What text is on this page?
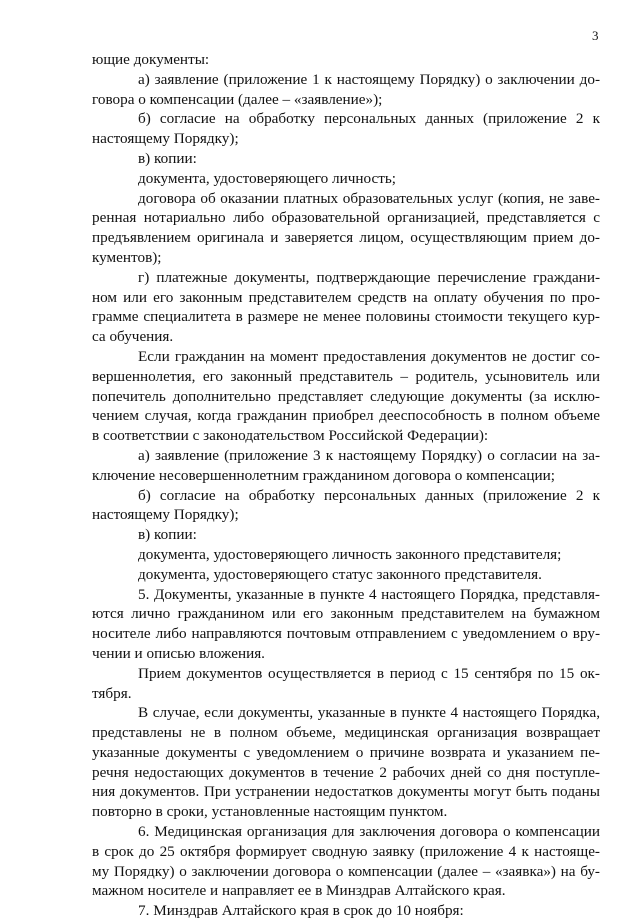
3
ющие документы:
а) заявление (приложение 1 к настоящему Порядку) о заключении до-
говора о компенсации (далее – «заявление»);
б) согласие на обработку персональных данных (приложение 2 к
настоящему Порядку);
в) копии:
документа, удостоверяющего личность;
договора об оказании платных образовательных услуг (копия, не заве-
ренная нотариально либо образовательной организацией, представляется с
предъявлением оригинала и заверяется лицом, осуществляющим прием до-
кументов);
г) платежные документы, подтверждающие перечисление граждани-
ном или его законным представителем средств на оплату обучения по про-
грамме специалитета в размере не менее половины стоимости текущего кур-
са обучения.
Если гражданин на момент предоставления документов не достиг со-
вершеннолетия, его законный представитель – родитель, усыновитель или
попечитель дополнительно представляет следующие документы (за исклю-
чением случая, когда гражданин приобрел дееспособность в полном объеме
в соответствии с законодательством Российской Федерации):
а) заявление (приложение 3 к настоящему Порядку) о согласии на за-
ключение несовершеннолетним гражданином договора о компенсации;
б) согласие на обработку персональных данных (приложение 2 к
настоящему Порядку);
в) копии:
документа, удостоверяющего личность законного представителя;
документа, удостоверяющего статус законного представителя.
5. Документы, указанные в пункте 4 настоящего Порядка, представля-
ются лично гражданином или его законным представителем на бумажном
носителе либо направляются почтовым отправлением с уведомлением о вру-
чении и описью вложения.
Прием документов осуществляется в период с 15 сентября по 15 ок-
тября.
В случае, если документы, указанные в пункте 4 настоящего Порядка,
представлены не в полном объеме, медицинская организация возвращает
указанные документы с уведомлением о причине возврата и указанием пе-
речня недостающих документов в течение 2 рабочих дней со дня поступле-
ния документов. При устранении недостатков документы могут быть поданы
повторно в сроки, установленные настоящим пунктом.
6. Медицинская организация для заключения договора о компенсации
в срок до 25 октября формирует сводную заявку (приложение 4 к настояще-
му Порядку) о заключении договора о компенсации (далее – «заявка») на бу-
мажном носителе и направляет ее в Минздрав Алтайского края.
7. Минздрав Алтайского края в срок до 10 ноября:
